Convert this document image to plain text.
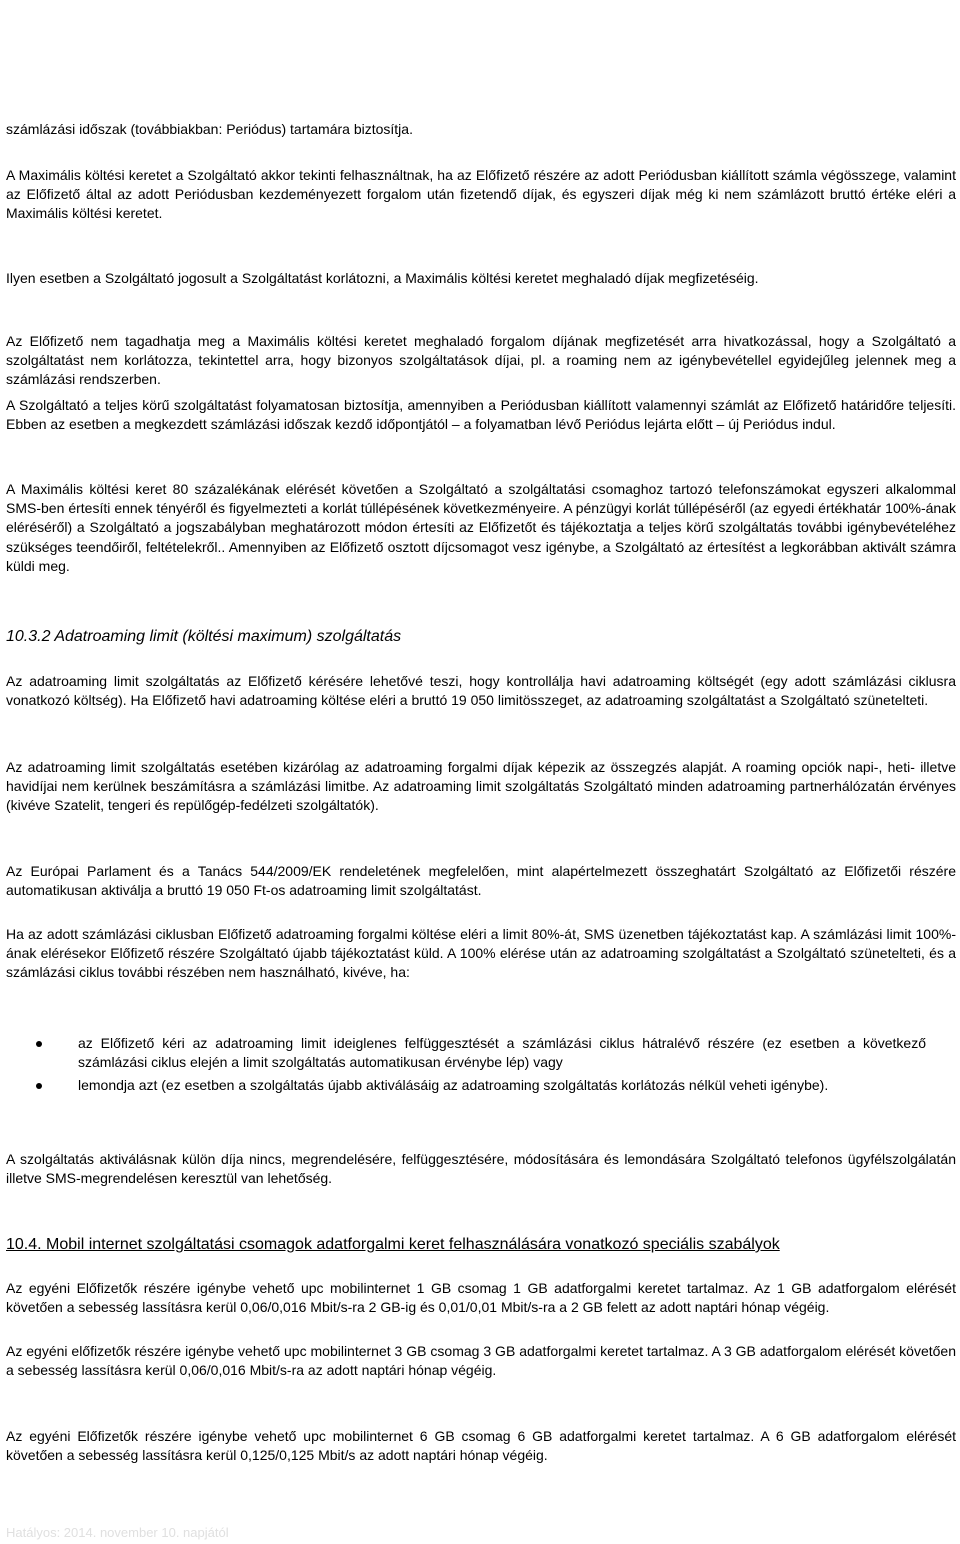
A Szolgáltató neve: UPC Magyarország Kft.
Székhelye: 1092 Budapest, Kinizsi u. 30-36. Levelezési cím: 1462 Budapest, Pf. 477.
Cégjegyzékszáma: 01-09-366290
Központi ügyfélszolgálat/hibabejelentő telefonszáma: 1221
Web oldala: www.upc.hu
számlázási időszak (továbbiakban: Periódus) tartamára biztosítja.
A Maximális költési keretet a Szolgáltató akkor tekinti felhasználtnak, ha az Előfizető részére az adott Periódusban kiállított számla végösszege, valamint az Előfizető által az adott Periódusban kezdeményezett forgalom után fizetendő díjak, és egyszeri díjak még ki nem számlázott bruttó értéke eléri a Maximális költési keretet.
Ilyen esetben a Szolgáltató jogosult a Szolgáltatást korlátozni, a Maximális költési keretet meghaladó díjak megfizetéséig.
Az Előfizető nem tagadhatja meg a Maximális költési keretet meghaladó forgalom díjának megfizetését arra hivatkozással, hogy a Szolgáltató a szolgáltatást nem korlátozza, tekintettel arra, hogy bizonyos szolgáltatások díjai, pl. a roaming nem az igénybevétellel egyidejűleg jelennek meg a számlázási rendszerben.
A Szolgáltató a teljes körű szolgáltatást folyamatosan biztosítja, amennyiben a Periódusban kiállított valamennyi számlát az Előfizető határidőre teljesíti. Ebben az esetben a megkezdett számlázási időszak kezdő időpontjától – a folyamatban lévő Periódus lejárta előtt – új Periódus indul.
A Maximális költési keret 80 százalékának elérését követően a Szolgáltató a szolgáltatási csomaghoz tartozó telefonszámokat egyszeri alkalommal SMS-ben értesíti ennek tényéről és figyelmezteti a korlát túllépésének következményeire. A pénzügyi korlát túllépéséről (az egyedi értékhatár 100%-ának eléréséről) a Szolgáltató a jogszabályban meghatározott módon értesíti az Előfizetőt és tájékoztatja a teljes körű szolgáltatás további igénybevételéhez szükséges teendőiről, feltételekről.. Amennyiben az Előfizető osztott díjcsomagot vesz igénybe, a Szolgáltató az értesítést a legkorábban aktivált számra küldi meg.
10.3.2 Adatroaming limit (költési maximum) szolgáltatás
Az adatroaming limit szolgáltatás az Előfizető kérésére lehetővé teszi, hogy kontrollálja havi adatroaming költségét (egy adott számlázási ciklusra vonatkozó költség). Ha Előfizető havi adatroaming költése eléri a bruttó 19 050 limitösszeget, az adatroaming szolgáltatást a Szolgáltató szünetelteti.
Az adatroaming limit szolgáltatás esetében kizárólag az adatroaming forgalmi díjak képezik az összegzés alapját. A roaming opciók napi-, heti- illetve havidíjai nem kerülnek beszámításra a számlázási limitbe. Az adatroaming limit szolgáltatás Szolgáltató minden adatroaming partnerhálózatán érvényes (kivéve Szatelit, tengeri és repülőgép-fedélzeti szolgáltatók).
Az Európai Parlament és a Tanács 544/2009/EK rendeletének megfelelően, mint alapértelmezett összeghatárt Szolgáltató az Előfizetői részére automatikusan aktiválja a bruttó 19 050 Ft-os adatroaming limit szolgáltatást.
Ha az adott számlázási ciklusban Előfizető adatroaming forgalmi költése eléri a limit 80%-át, SMS üzenetben tájékoztatást kap. A számlázási limit 100%-ának elérésekor Előfizető részére Szolgáltató újabb tájékoztatást küld. A 100% elérése után az adatroaming szolgáltatást a Szolgáltató szünetelteti, és a számlázási ciklus további részében nem használható, kivéve, ha:
az Előfizető kéri az adatroaming limit ideiglenes felfüggesztését a számlázási ciklus hátralévő részére (ez esetben a következő számlázási ciklus elején a limit szolgáltatás automatikusan érvénybe lép) vagy
lemondja azt (ez esetben a szolgáltatás újabb aktiválásáig az adatroaming szolgáltatás korlátozás nélkül veheti igénybe).
A szolgáltatás aktiválásnak külön díja nincs, megrendelésére, felfüggesztésére, módosítására és lemondására Szolgáltató telefonos ügyfélszolgálatán illetve SMS-megrendelésen keresztül van lehetőség.
10.4. Mobil internet szolgáltatási csomagok adatforgalmi keret felhasználására vonatkozó speciális szabályok
Az egyéni Előfizetők részére igénybe vehető upc mobilinternet 1 GB csomag 1 GB adatforgalmi keretet tartalmaz. Az 1 GB adatforgalom elérését követően a sebesség lassításra kerül 0,06/0,016 Mbit/s-ra 2 GB-ig és 0,01/0,01 Mbit/s-ra a 2 GB felett az adott naptári hónap végéig.
Az egyéni előfizetők részére igénybe vehető upc mobilinternet 3 GB csomag 3 GB adatforgalmi keretet tartalmaz. A 3 GB adatforgalom elérését követően a sebesség lassításra kerül 0,06/0,016 Mbit/s-ra az adott naptári hónap végéig.
Az egyéni Előfizetők részére igénybe vehető upc mobilinternet 6 GB csomag 6 GB adatforgalmi keretet tartalmaz. A 6 GB adatforgalom elérését követően a sebesség lassításra kerül 0,125/0,125 Mbit/s az adott naptári hónap végéig.
Hatályos: 2014. november 10. napjától
